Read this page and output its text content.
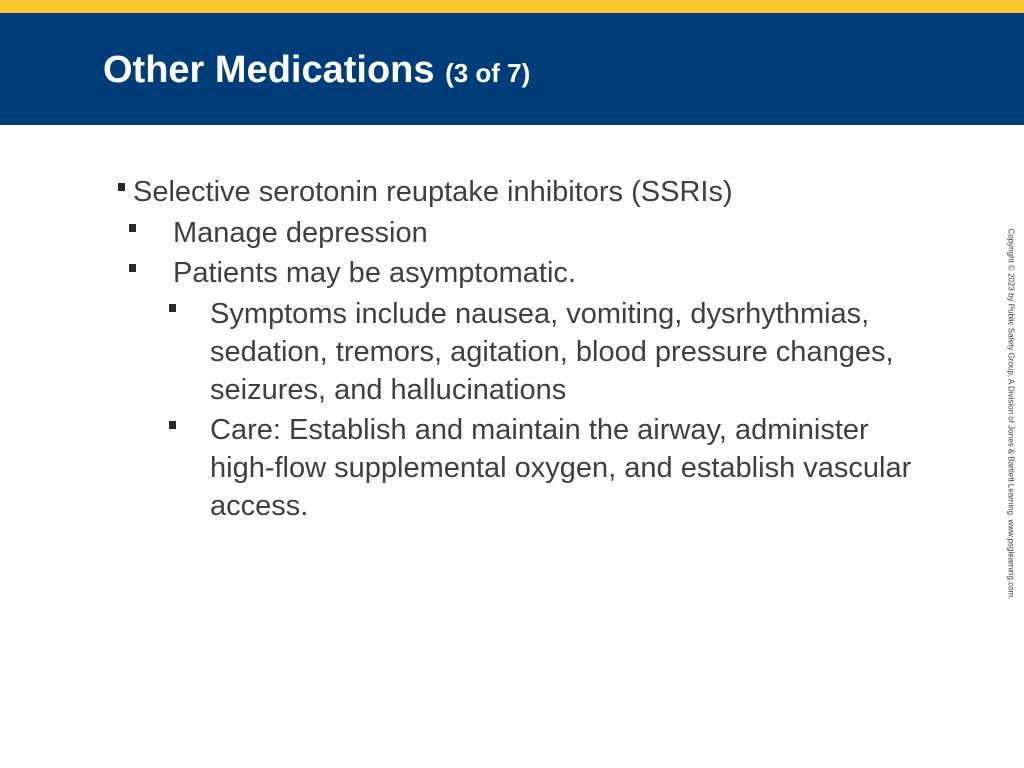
Other Medications (3 of 7)
Selective serotonin reuptake inhibitors (SSRIs)
Manage depression
Patients may be asymptomatic.
Symptoms include nausea, vomiting, dysrhythmias, sedation, tremors, agitation, blood pressure changes, seizures, and hallucinations
Care: Establish and maintain the airway, administer high-flow supplemental oxygen, and establish vascular access.	Copyright © 2023 by Public Safety Group, A Division of Jones & Bartlett Learning. www.psglearning.com.
